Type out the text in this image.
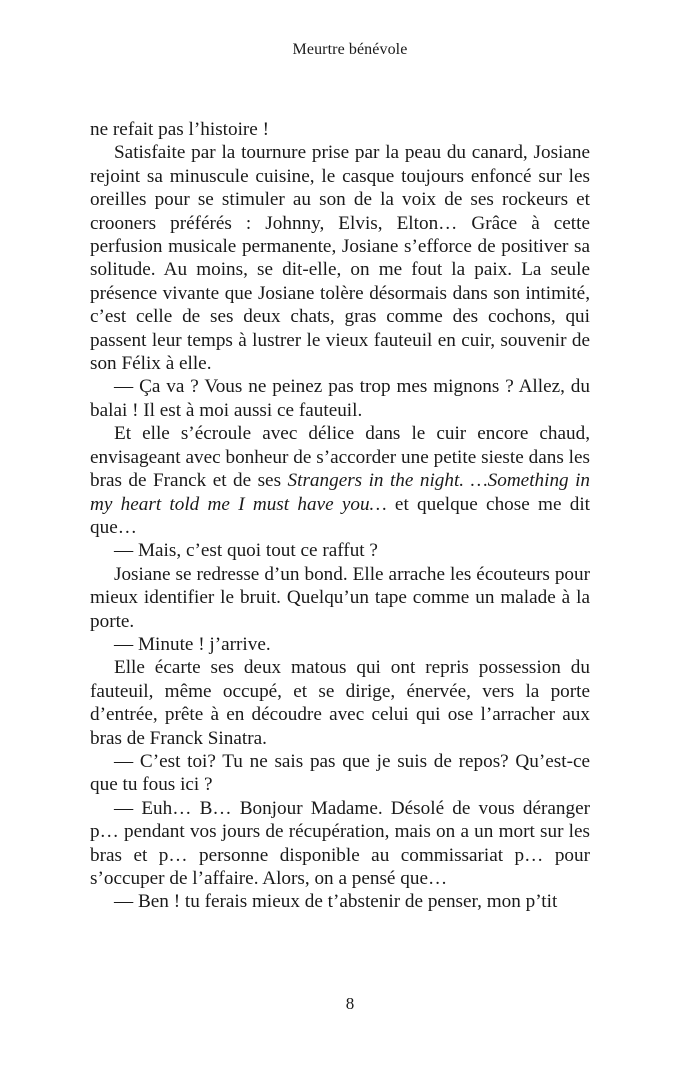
Meurtre bénévole

ne refait pas l’histoire !

Satisfaite par la tournure prise par la peau du canard, Josiane rejoint sa minuscule cuisine, le casque toujours enfoncé sur les oreilles pour se stimuler au son de la voix de ses rockeurs et crooners préférés : Johnny, Elvis, Elton… Grâce à cette perfusion musicale permanente, Josiane s’efforce de positiver sa solitude. Au moins, se dit-elle, on me fout la paix. La seule présence vivante que Josiane tolère désormais dans son intimité, c’est celle de ses deux chats, gras comme des cochons, qui passent leur temps à lustrer le vieux fauteuil en cuir, souvenir de son Félix à elle.

— Ça va ? Vous ne peinez pas trop mes mignons ? Allez, du balai ! Il est à moi aussi ce fauteuil.

Et elle s’écroule avec délice dans le cuir encore chaud, envisageant avec bonheur de s’accorder une petite sieste dans les bras de Franck et de ses Strangers in the night. …Something in my heart told me I must have you… et quelque chose me dit que…

— Mais, c’est quoi tout ce raffut ?

Josiane se redresse d’un bond. Elle arrache les écouteurs pour mieux identifier le bruit. Quelqu’un tape comme un malade à la porte.

— Minute ! j’arrive.

Elle écarte ses deux matous qui ont repris possession du fauteuil, même occupé, et se dirige, énervée, vers la porte d’entrée, prête à en découdre avec celui qui ose l’arracher aux bras de Franck Sinatra.

— C’est toi? Tu ne sais pas que je suis de repos? Qu’est-ce que tu fous ici ?

— Euh… B… Bonjour Madame. Désolé de vous déranger p… pendant vos jours de récupération, mais on a un mort sur les bras et p… personne disponible au commissariat p… pour s’occuper de l’affaire. Alors, on a pensé que…

— Ben ! tu ferais mieux de t’abstenir de penser, mon p’tit

8
